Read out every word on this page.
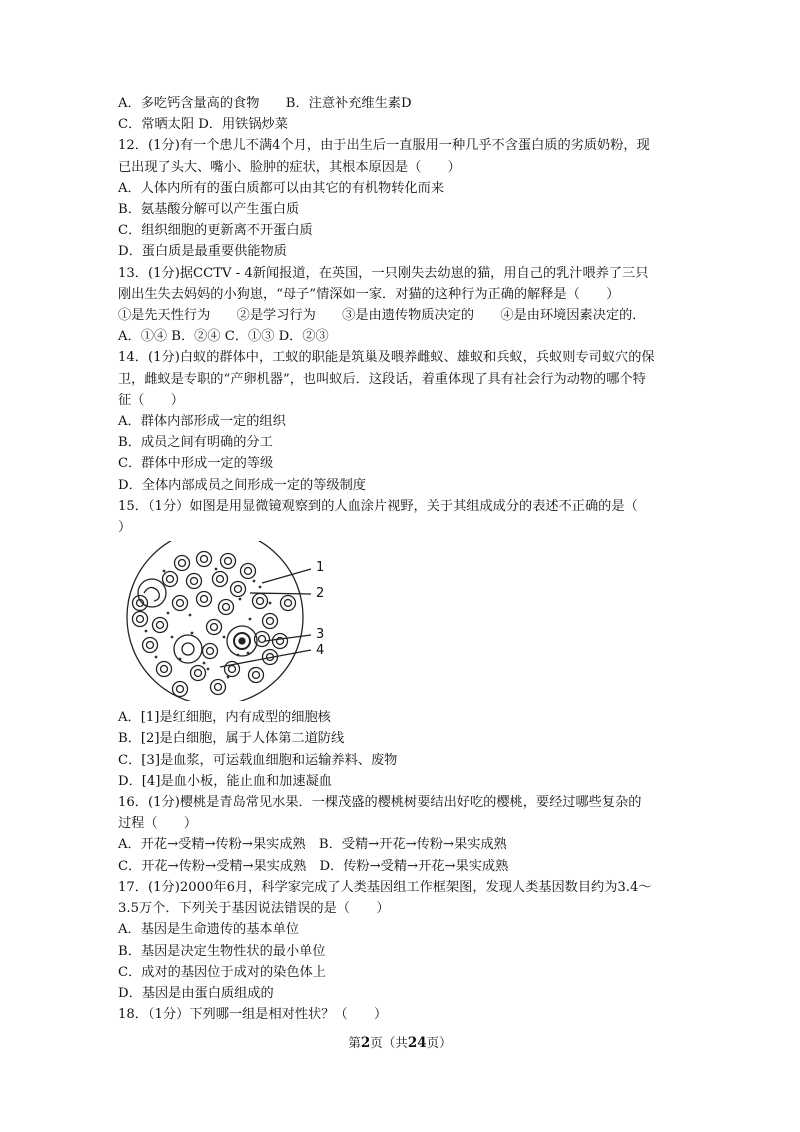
A．多吃钙含量高的食物　　B．注意补充维生素D
C．常晒太阳 D．用铁锅炒菜
12．(1分)有一个患儿不满4个月，由于出生后一直服用一种几乎不含蛋白质的劣质奶粉，现
已出现了头大、嘴小、脸肿的症状，其根本原因是（　　）
A．人体内所有的蛋白质都可以由其它的有机物转化而来
B．氨基酸分解可以产生蛋白质
C．组织细胞的更新离不开蛋白质
D．蛋白质是最重要供能物质
13．(1分)据CCTV - 4新闻报道，在英国，一只刚失去幼崽的猫，用自己的乳汁喂养了三只
刚出生失去妈妈的小狗崽，“母子”情深如一家．对猫的这种行为正确的解释是（　　）
①是先天性行为　　②是学习行为　　③是由遗传物质决定的　　④是由环境因素决定的．
A．①④ B．②④ C．①③ D．②③
14．(1分)白蚁的群体中，工蚁的职能是筑巢及喂养雌蚁、雄蚁和兵蚁，兵蚁则专司蚁穴的保
卫，雌蚁是专职的“产卵机器”，也叫蚁后．这段话，着重体现了具有社会行为动物的哪个特
征（　　）
A．群体内部形成一定的组织
B．成员之间有明确的分工
C．群体中形成一定的等级
D．全体内部成员之间形成一定的等级制度
15．（1分）如图是用显微镜观察到的人血涂片视野，关于其组成成分的表述不正确的是（
）
1
2
3
4
A．[1]是红细胞，内有成型的细胞核
B．[2]是白细胞，属于人体第二道防线
C．[3]是血浆，可运载血细胞和运输养料、废物
D．[4]是血小板，能止血和加速凝血
16．(1分)樱桃是青岛常见水果．一棵茂盛的樱桃树要结出好吃的樱桃，要经过哪些复杂的
过程（　　）
A．开花→受精→传粉→果实成熟　B．受精→开花→传粉→果实成熟
C．开花→传粉→受精→果实成熟　D．传粉→受精→开花→果实成熟
17．(1分)2000年6月，科学家完成了人类基因组工作框架图，发现人类基因数目约为3.4～
3.5万个．下列关于基因说法错误的是（　　）
A．基因是生命遗传的基本单位
B．基因是决定生物性状的最小单位
C．成对的基因位于成对的染色体上
D．基因是由蛋白质组成的
18．（1分）下列哪一组是相对性状？（　　）
第2页（共24页）
